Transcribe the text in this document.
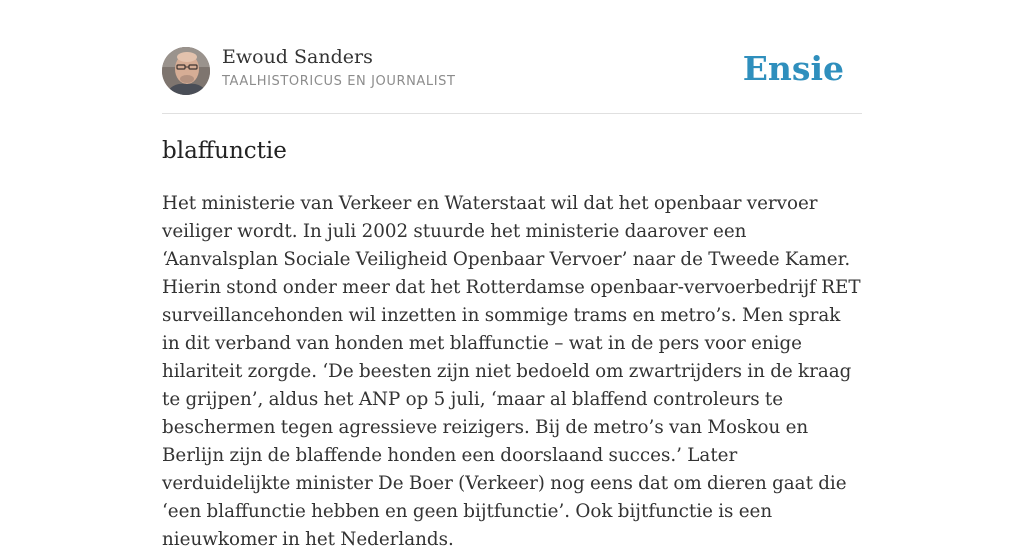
Ewoud Sanders
TAALHISTORICUS EN JOURNALIST	Ensie
blaffunctie

Het ministerie van Verkeer en Waterstaat wil dat het openbaar vervoer veiliger wordt. In juli 2002 stuurde het ministerie daarover een ‘Aanvalsplan Sociale Veiligheid Openbaar Vervoer’ naar de Tweede Kamer. Hierin stond onder meer dat het Rotterdamse openbaar-vervoerbedrijf RET surveillancehonden wil inzetten in sommige trams en metro’s. Men sprak in dit verband van honden met blaffunctie – wat in de pers voor enige hilariteit zorgde. ‘De beesten zijn niet bedoeld om zwartrijders in de kraag te grijpen’, aldus het ANP op 5 juli, ‘maar al blaffend controleurs te beschermen tegen agressieve reizigers. Bij de metro’s van Moskou en Berlijn zijn de blaffende honden een doorslaand succes.’ Later verduidelijkte minister De Boer (Verkeer) nog eens dat om dieren gaat die ‘een blaffunctie hebben en geen bijtfunctie’. Ook bijtfunctie is een nieuwkomer in het Nederlands.
